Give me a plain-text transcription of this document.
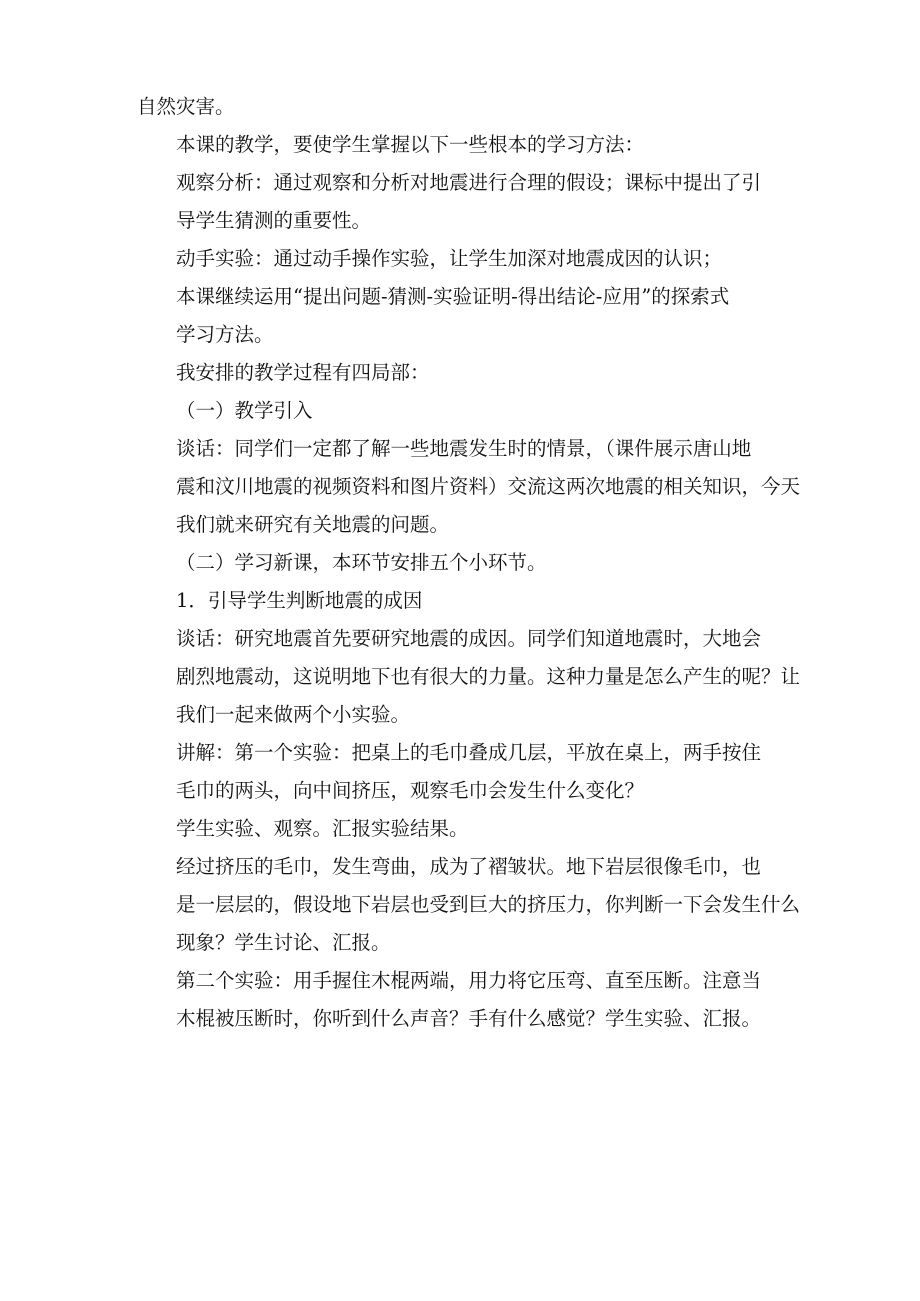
自然灾害。
本课的教学，要使学生掌握以下一些根本的学习方法：
观察分析：通过观察和分析对地震进行合理的假设；课标中提出了引
导学生猜测的重要性。
动手实验：通过动手操作实验，让学生加深对地震成因的认识；
本课继续运用“提出问题-猜测-实验证明-得出结论-应用”的探索式
学习方法。
我安排的教学过程有四局部：
（一）教学引入
谈话：同学们一定都了解一些地震发生时的情景，（课件展示唐山地
震和汶川地震的视频资料和图片资料）交流这两次地震的相关知识，今天
我们就来研究有关地震的问题。
（二）学习新课，本环节安排五个小环节。
1．引导学生判断地震的成因
谈话：研究地震首先要研究地震的成因。同学们知道地震时，大地会
剧烈地震动，这说明地下也有很大的力量。这种力量是怎么产生的呢？让
我们一起来做两个小实验。
讲解：第一个实验：把桌上的毛巾叠成几层，平放在桌上，两手按住
毛巾的两头，向中间挤压，观察毛巾会发生什么变化？
学生实验、观察。汇报实验结果。
经过挤压的毛巾，发生弯曲，成为了褶皱状。地下岩层很像毛巾，也
是一层层的，假设地下岩层也受到巨大的挤压力，你判断一下会发生什么
现象？学生讨论、汇报。
第二个实验：用手握住木棍两端，用力将它压弯、直至压断。注意当
木棍被压断时，你听到什么声音？手有什么感觉？学生实验、汇报。
